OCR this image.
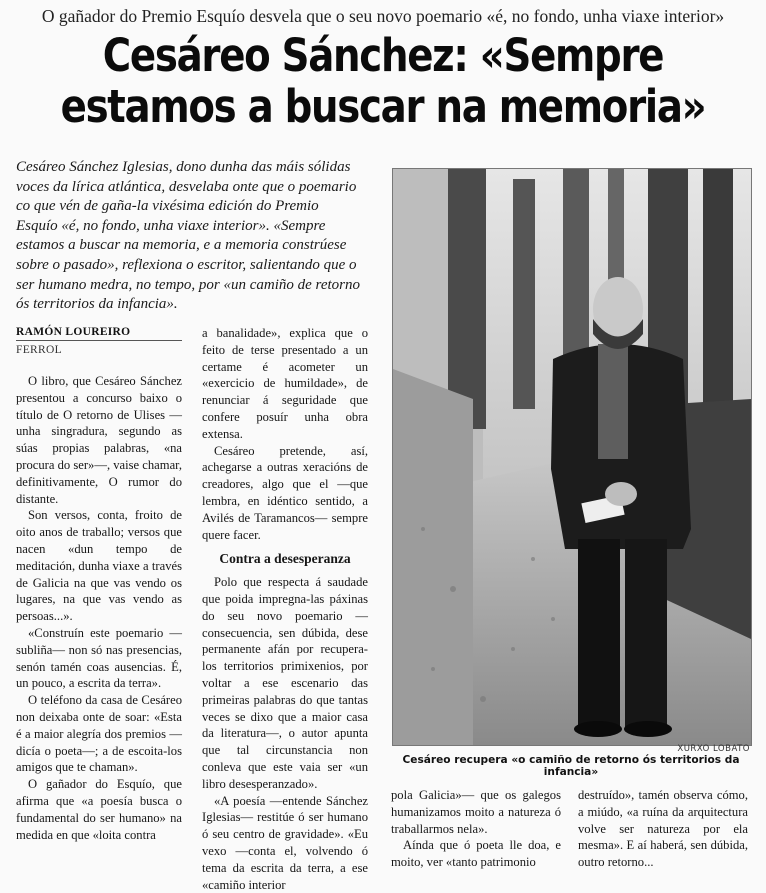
O gañador do Premio Esquío desvela que o seu novo poemario «é, no fondo, unha viaxe interior»
Cesáreo Sánchez: «Sempre
estamos a buscar na memoria»

Cesáreo Sánchez Iglesias, dono dunha das máis sólidas voces da lírica atlántica, desvelaba onte que o poemario co que vén de gaña-la vixésima edición do Premio Esquío «é, no fondo, unha viaxe interior». «Sempre estamos a buscar na memoria, e a memoria constrúese sobre o pasado», reflexiona o escritor, salientando que o ser humano medra, no tempo, por «un camiño de retorno ós territorios da infancia».

RAMÓN LOUREIRO
FERROL

O libro, que Cesáreo Sánchez presentou a concurso baixo o título de O retorno de Ulises —unha singradura, segundo as súas propias palabras, «na procura do ser»—, vaise chamar, definitivamente, O rumor do distante.

Son versos, conta, froito de oito anos de traballo; versos que nacen «dun tempo de meditación, dunha viaxe a través de Galicia na que vas vendo os lugares, na que vas vendo as persoas...».

«Construín este poemario —subliña— non só nas presencias, senón tamén coas ausencias. É, un pouco, a escrita da terra».

O teléfono da casa de Cesáreo non deixaba onte de soar: «Esta é a maior alegría dos premios —dicía o poeta—; a de escoita-los amigos que te chaman».

O gañador do Esquío, que afirma que «a poesía busca o fundamental do ser humano» na medida en que «loita contra

a banalidade», explica que o feito de terse presentado a un certame é acometer un «exercicio de humildade», de renunciar á seguridade que confere posuír unha obra extensa.

Cesáreo pretende, así, achegarse a outras xeracións de creadores, algo que el —que lembra, en idéntico sentido, a Avilés de Taramancos— sempre quere facer.

Contra a desesperanza

Polo que respecta á saudade que poida impregna-las páxinas do seu novo poemario —consecuencia, sen dúbida, dese permanente afán por recupera-los territorios primixenios, por voltar a ese escenario das primeiras palabras do que tantas veces se dixo que a maior casa da literatura—, o autor apunta que tal circunstancia non conleva que este vaia ser «un libro desesperanzado».

«A poesía —entende Sánchez Iglesias— restitúe ó ser humano ó seu centro de gravidade». «Eu vexo —conta el, volvendo ó tema da escrita da terra, a ese «camiño interior

XURXO LOBATO
Cesáreo recupera «o camiño de retorno ós territorios da infancia»

pola Galicia»— que os galegos humanizamos moito a natureza ó traballarmos nela».

Aínda que ó poeta lle doa, e moito, ver «tanto patrimonio

destruído», tamén observa cómo, a miúdo, «a ruína da arquitectura volve ser natureza por ela mesma». E aí haberá, sen dúbida, outro retorno...
